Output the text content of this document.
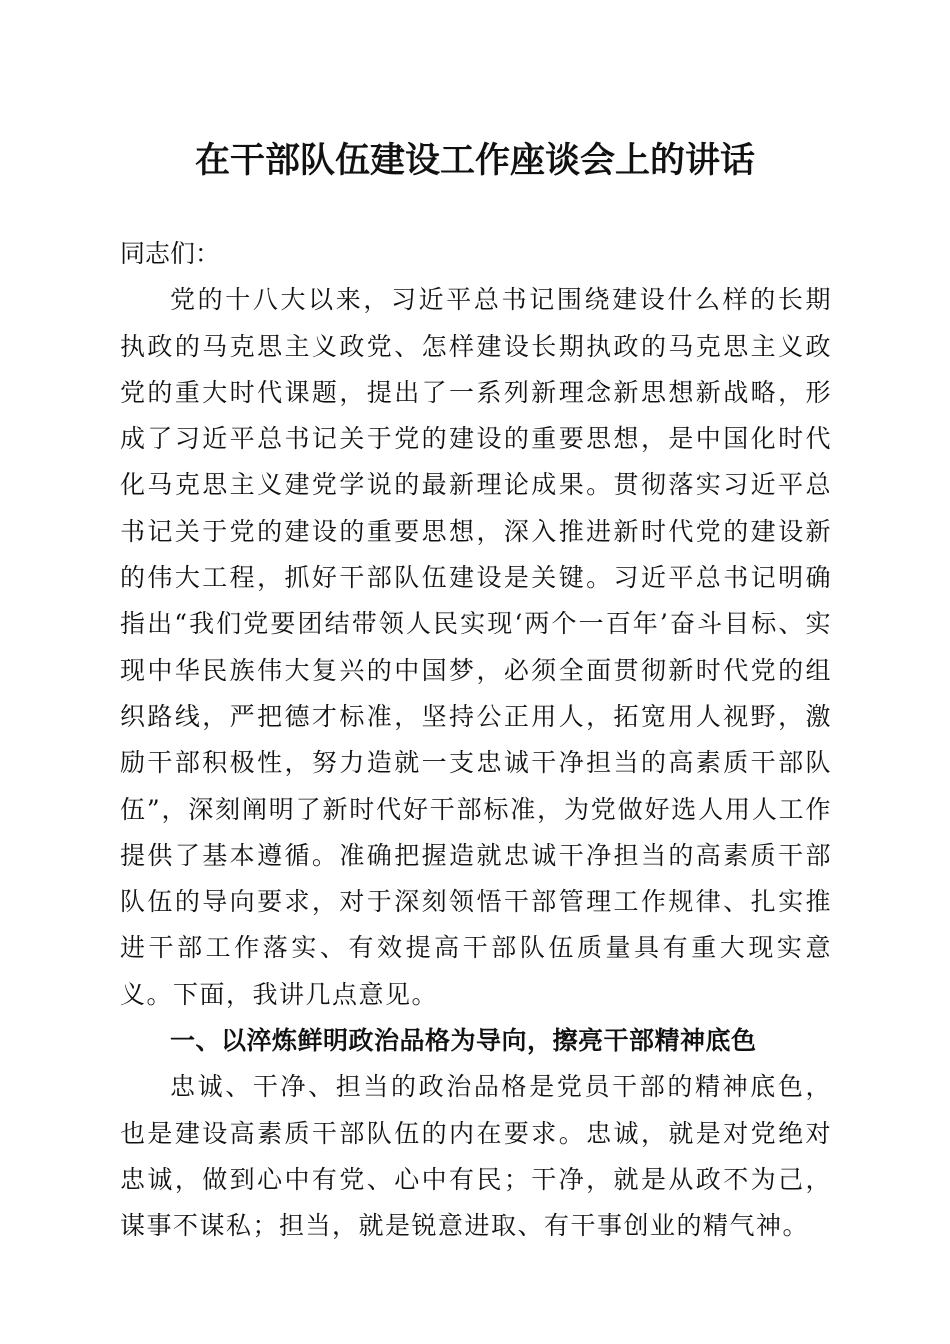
在干部队伍建设工作座谈会上的讲话

同志们：

党的十八大以来，习近平总书记围绕建设什么样的长期执政的马克思主义政党、怎样建设长期执政的马克思主义政党的重大时代课题，提出了一系列新理念新思想新战略，形成了习近平总书记关于党的建设的重要思想，是中国化时代化马克思主义建党学说的最新理论成果。贯彻落实习近平总书记关于党的建设的重要思想，深入推进新时代党的建设新的伟大工程，抓好干部队伍建设是关键。习近平总书记明确指出“我们党要团结带领人民实现‘两个一百年’奋斗目标、实现中华民族伟大复兴的中国梦，必须全面贯彻新时代党的组织路线，严把德才标准，坚持公正用人，拓宽用人视野，激励干部积极性，努力造就一支忠诚干净担当的高素质干部队伍”，深刻阐明了新时代好干部标准，为党做好选人用人工作提供了基本遵循。准确把握造就忠诚干净担当的高素质干部队伍的导向要求，对于深刻领悟干部管理工作规律、扎实推进干部工作落实、有效提高干部队伍质量具有重大现实意义。下面，我讲几点意见。

一、以淬炼鲜明政治品格为导向，擦亮干部精神底色

忠诚、干净、担当的政治品格是党员干部的精神底色，也是建设高素质干部队伍的内在要求。忠诚，就是对党绝对忠诚，做到心中有党、心中有民；干净，就是从政不为己，谋事不谋私；担当，就是锐意进取、有干事创业的精气神。
